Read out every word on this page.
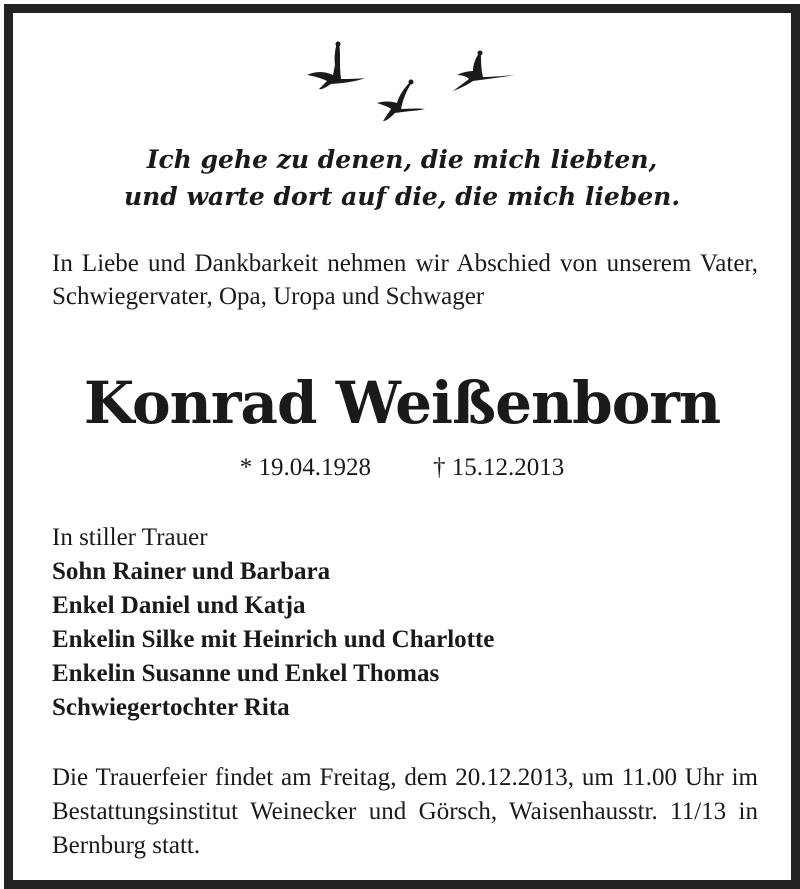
Ich gehe zu denen, die mich liebten,
und warte dort auf die, die mich lieben.
In Liebe und Dankbarkeit nehmen wir Abschied von unserem Vater, Schwiegervater, Opa, Uropa und Schwager
Konrad Weißenborn
* 19.04.1928 † 15.12.2013
In stiller Trauer
Sohn Rainer und Barbara
Enkel Daniel und Katja
Enkelin Silke mit Heinrich und Charlotte
Enkelin Susanne und Enkel Thomas
Schwiegertochter Rita
Die Trauerfeier findet am Freitag, dem 20.12.2013, um 11.00 Uhr im Bestattungsinstitut Weinecker und Görsch, Waisenhausstr. 11/13 in Bernburg statt.
